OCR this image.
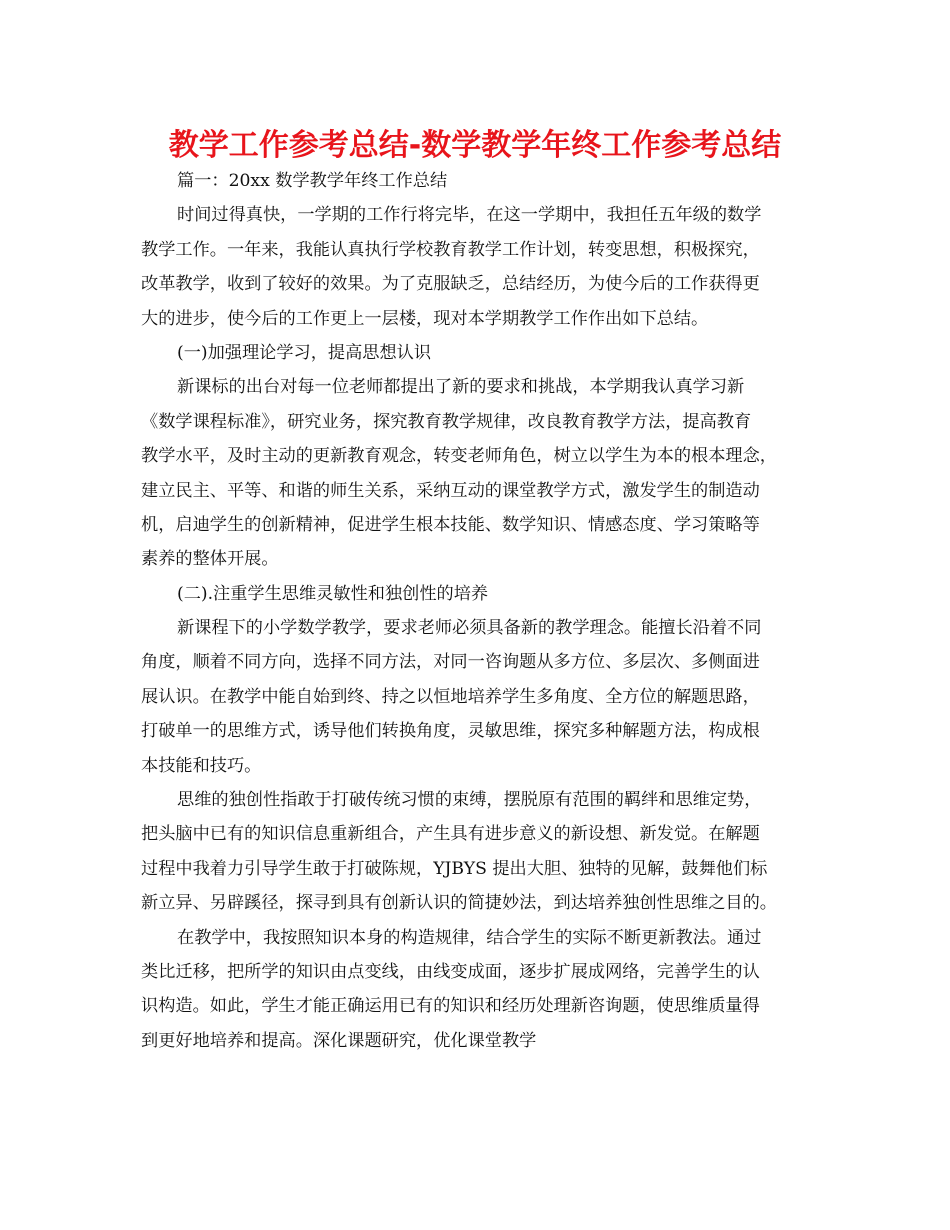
教学工作参考总结-数学教学年终工作参考总结
篇一：20xx 数学教学年终工作总结
时间过得真快，一学期的工作行将完毕，在这一学期中，我担任五年级的数学
教学工作。一年来，我能认真执行学校教育教学工作计划，转变思想，积极探究，
改革教学，收到了较好的效果。为了克服缺乏，总结经历，为使今后的工作获得更
大的进步，使今后的工作更上一层楼，现对本学期教学工作作出如下总结。
(一)加强理论学习，提高思想认识
新课标的出台对每一位老师都提出了新的要求和挑战，本学期我认真学习新
《数学课程标准》，研究业务，探究教育教学规律，改良教育教学方法，提高教育
教学水平，及时主动的更新教育观念，转变老师角色，树立以学生为本的根本理念，
建立民主、平等、和谐的师生关系，采纳互动的课堂教学方式，激发学生的制造动
机，启迪学生的创新精神，促进学生根本技能、数学知识、情感态度、学习策略等
素养的整体开展。
(二).注重学生思维灵敏性和独创性的培养
新课程下的小学数学教学，要求老师必须具备新的教学理念。能擅长沿着不同
角度，顺着不同方向，选择不同方法，对同一咨询题从多方位、多层次、多侧面进
展认识。在教学中能自始到终、持之以恒地培养学生多角度、全方位的解题思路，
打破单一的思维方式，诱导他们转换角度，灵敏思维，探究多种解题方法，构成根
本技能和技巧。
思维的独创性指敢于打破传统习惯的束缚，摆脱原有范围的羁绊和思维定势，
把头脑中已有的知识信息重新组合，产生具有进步意义的新设想、新发觉。在解题
过程中我着力引导学生敢于打破陈规，YJBYS 提出大胆、独特的见解，鼓舞他们标
新立异、另辟蹊径，探寻到具有创新认识的简捷妙法，到达培养独创性思维之目的。
在教学中，我按照知识本身的构造规律，结合学生的实际不断更新教法。通过
类比迁移，把所学的知识由点变线，由线变成面，逐步扩展成网络，完善学生的认
识构造。如此，学生才能正确运用已有的知识和经历处理新咨询题，使思维质量得
到更好地培养和提高。深化课题研究，优化课堂教学
